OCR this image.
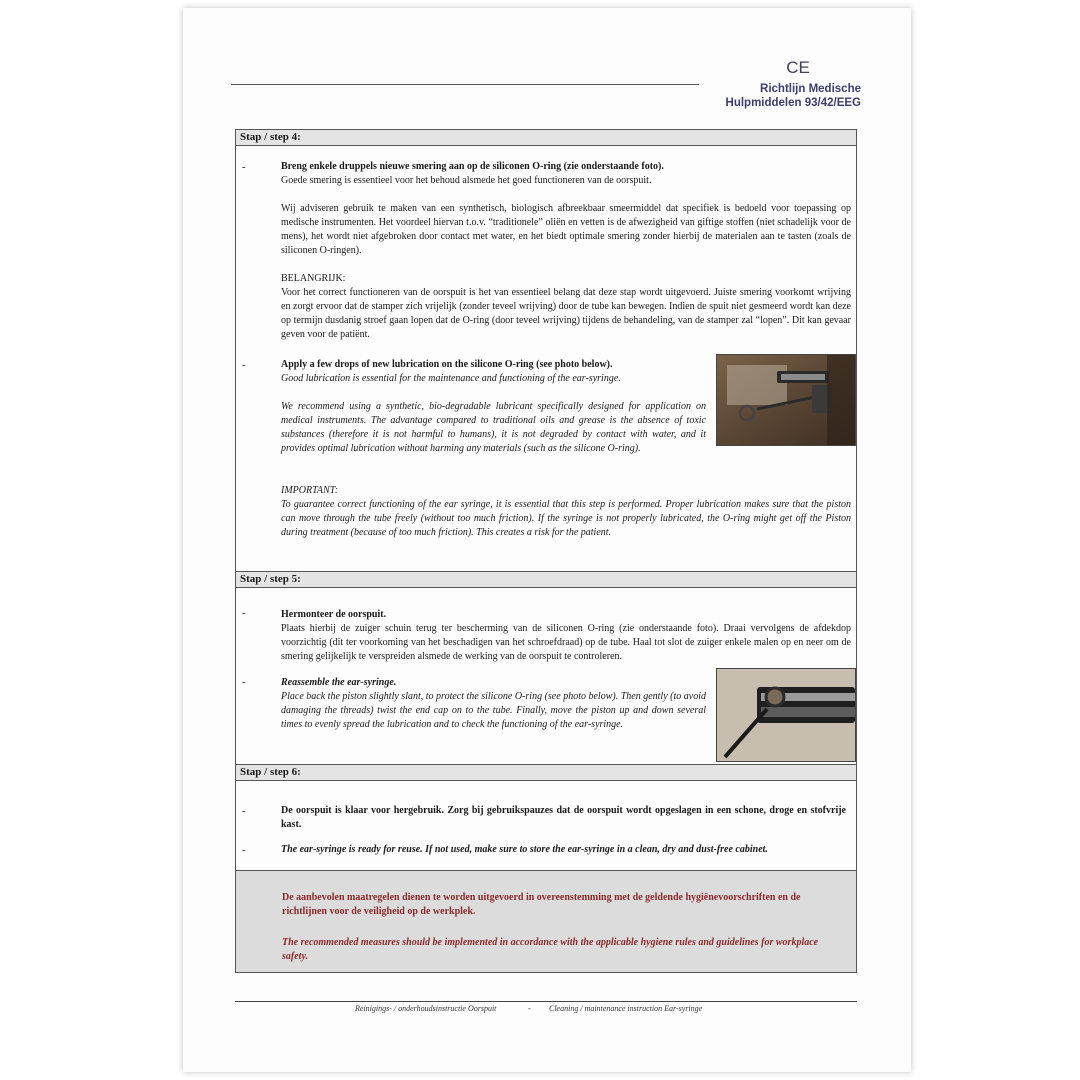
CE
Richtlijn Medische
Hulpmiddelen 93/42/EEG
Stap / step 4:
-	Breng enkele druppels nieuwe smering aan op de siliconen O-ring (zie onderstaande foto).
Goede smering is essentieel voor het behoud alsmede het goed functioneren van de oorspuit.
Wij adviseren gebruik te maken van een synthetisch, biologisch afbreekbaar smeermiddel dat specifiek is bedoeld voor toepassing op medische instrumenten. Het voordeel hiervan t.o.v. “traditionele” oliën en vetten is de afwezigheid van giftige stoffen (niet schadelijk voor de mens), het wordt niet afgebroken door contact met water, en het biedt optimale smering zonder hierbij de materialen aan te tasten (zoals de siliconen O-ringen).
BELANGRIJK:
Voor het correct functioneren van de oorspuit is het van essentieel belang dat deze stap wordt uitgevoerd. Juiste smering voorkomt wrijving en zorgt ervoor dat de stamper zich vrijelijk (zonder teveel wrijving) door de tube kan bewegen. Indien de spuit niet gesmeerd wordt kan deze op termijn dusdanig stroef gaan lopen dat de O-ring (door teveel wrijving) tijdens de behandeling, van de stamper zal “lopen”. Dit kan gevaar geven voor de patiënt.
-	Apply a few drops of new lubrication on the silicone O-ring (see photo below).
Good lubrication is essential for the maintenance and functioning of the ear-syringe.
We recommend using a synthetic, bio-degradable lubricant specifically designed for application on medical instruments. The advantage compared to traditional oils and grease is the absence of toxic substances (therefore it is not harmful to humans), it is not degraded by contact with water, and it provides optimal lubrication without harming any materials (such as the silicone O-ring).
IMPORTANT:
To guarantee correct functioning of the ear syringe, it is essential that this step is performed. Proper lubrication makes sure that the piston can move through the tube freely (without too much friction). If the syringe is not properly lubricated, the O-ring might get off the Piston during treatment (because of too much friction). This creates a risk for the patient.
Stap / step 5:
-	Hermonteer de oorspuit.
Plaats hierbij de zuiger schuin terug ter bescherming van de siliconen O-ring (zie onderstaande foto). Draai vervolgens de afdekdop voorzichtig (dit ter voorkoming van het beschadigen van het schroefdraad) op de tube. Haal tot slot de zuiger enkele malen op en neer om de smering gelijkelijk te verspreiden alsmede de werking van de oorspuit te controleren.
-	Reassemble the ear-syringe.
Place back the piston slightly slant, to protect the silicone O-ring (see photo below). Then gently (to avoid damaging the threads) twist the end cap on to the tube. Finally, move the piston up and down several times to evenly spread the lubrication and to check the functioning of the ear-syringe.
Stap / step 6:
-	De oorspuit is klaar voor hergebruik. Zorg bij gebruikspauzes dat de oorspuit wordt opgeslagen in een schone, droge en stofvrije kast.
-	The ear-syringe is ready for reuse. If not used, make sure to store the ear-syringe in a clean, dry and dust-free cabinet.
De aanbevolen maatregelen dienen te worden uitgevoerd in overeenstemming met de geldende hygiënevoorschriften en de richtlijnen voor de veiligheid op de werkplek.
The recommended measures should be implemented in accordance with the applicable hygiene rules and guidelines for workplace safety.
Reinigings- / onderhoudsinstructie Oorspuit	- Cleaning / maintenance instruction Ear-syringe
